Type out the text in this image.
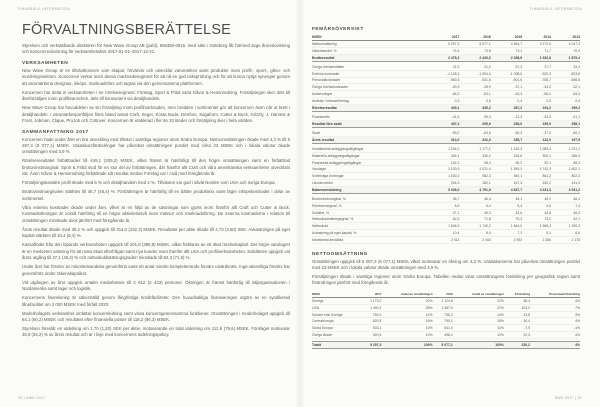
FINANSIELL INFORMATION	FINANSIELL INFORMATION
FÖRVALTNINGSBERÄTTELSE

Styrelsen och verkställande direktören för New Wave Group AB (publ), 556350-0916, med säte i Göteborg får härmed avge årsredovisning och koncernredovisning för verksamhetsåret 2017-01-01–2017-12-31.

VERKSAMHETEN

New Wave Group är en tillväxtkoncern som skapar, förvärvar och utvecklar varumärken samt produkter inom profil-, sport-, gåvo- och inredningssektorn. Koncernen verkar inom dessa marknadssegment för att nå en god riskspridning och för att kunna nyttja synergier genom att varumärkena designas, inköps, marknadsförs och lagras via den gemensamma plattformen.

Koncernen har delat in verksamheten i tre rörelsesegment: Företag, Sport & Fritid samt Gåvor & Heminredning. Försäljningen sker dels till återförsäljare inom profilbranschen, dels till konsument via detaljhandeln.

New Wave Group har huvuddelen av sin försäljning inom profilmarknaden, men bredden i sortimentet gör att koncernen även når ut brett i detaljhandeln. I varumärkesportföljen finns bland annat Craft, Seger, Kosta Boda, Orrefors, Sagaform, Cutter & Buck, Grizzly, J. Harvest & Frost, Jobman, Clique, ProJob och Cottover. Koncernen är etablerad i fler än 20 länder och försäljning sker i hela världen.

SAMMANFATTNING 2017

Koncernen hade under året en bra utveckling med tillväxt i samtliga regioner utom Södra Europa. Nettoomsättningen ökade med 4,3 % till 5 297,3 (5 077,1) MSEK. Valutakursförändringar har påverkat omsättningen positivt med cirka 23 MSEK och i lokala valutor ökade omsättningen med 3,9 %.

Rörelseresultatet förbättrades till 449,1 (335,2) MSEK, vilket främst är hänförligt till den högre omsättningen samt en förbättrad bruttovinstmarginal. Sport & Fritid stod för en stor del av förbättringen, där framför allt Craft och våra amerikanska verksamheter utvecklats väl. Även Gåvor & Heminredning förbättrade sitt resultat medan Företag var i nivå med föregående år.

Försäljningskanalen profil ökade med 6 % och detaljhandeln med 2 %. Tillväxten var god i såväl Norden som USA och övriga Europa.

Bruttovinstmarginalen stärktes till 46,7 (46,4) %. Förbättringen är hänförlig till en bättre produktmix samt lägre inköpskostnader i delar av sortimentet.

Våra externa kostnader ökade under året, vilket är en följd av de satsningar som gjorts inom framför allt Craft och Cutter & Buck. Kostnadsökningen är också hänförlig till en högre aktivitetsnivå inom mässor och marknadsföring. De externa kostnaderna i relation till omsättningen minskade dock jämfört med föregående år.

Årets resultat ökade med 35,2 % och uppgick till 314,0 (232,3) MSEK. Resultatet per aktie ökade till 4,73 (3,50) SEK. Avkastningen på eget kapital stärktes till 10,4 (8,4) %.

Kassaflödet från den löpande verksamheten uppgick till 201,8 (385,8) MSEK, vilket förklaras av ett ökat rörelsekapital. Det högre varulagret är en medveten satsning för att möta ökad efterfrågan samt nya kunder inom framför allt USA och profilverksamheten. Soliditeten uppgick vid årets utgång till 47,1 (45,3) % och nettoskuldsättningsgraden minskade till 62,3 (71,8) %.

Under året har förvärv av minoritetsandelar genomförts samt ett antal mindre kompletterande förvärv utvärderats. Inga väsentliga förvärv har genomförts under räkenskapsåret.

Vid utgången av året uppgick antalet medarbetare till 2 512 (2 443) personer. Ökningen är främst hänförlig till säljorganisationen i Nordamerika samt lager och logistik.

Koncernens finansiering är säkerställd genom långfristiga kreditfaciliteter. Den huvudsakliga finansieringen utgörs av en syndikerad lånefacilitet om 2 000 MSEK med förfall 2020.

Moderbolagets verksamhet omfattar koncernledning samt vissa koncerngemensamma funktioner. Omsättningen i moderbolaget uppgick till 64,1 (60,2) MSEK och resultatet efter finansiella poster till 118,2 (96,3) MSEK.

Styrelsen föreslår en utdelning om 1,70 (1,20) SEK per aktie, motsvarande en total utdelning om 112,8 (79,6) MSEK. Förslaget motsvarar 35,9 (34,2) % av årets resultat och är i linje med koncernens utdelningspolicy.

FEMÅRSÖVERSIKT
MSEK	2017	2016	2015	2014	2013
Nettoomsättning	5 297,3	5 077,1	4 964,7	4 272,6	4 047,4
Utlandsandel, %	74,4	73,8	73,1	71,7	70,9
Bruttoresultat	2 475,3	2 430,2	2 238,6	1 932,6	1 879,4

Övriga rörelseintäkter	21,2	21,0	67,3	27,7	33,3
Externa kostnader	-1 128,3	-1 094,0	-1 038,0	-920,3	-823,8
Personalkostnader	-960,3	-931,6	-901,6	-755,7	-698,8
Övriga rörelsekostnader	-30,3	-28,9	-37,1	-34,2	-32,1
Avskrivningar	-64,3	-63,1	-63,3	-56,2	-54,3
Andelar i intresseföretag	0,3	0,6	0,4	0,3	0,4
Rörelseresultat	449,1	335,2	267,2	194,2	299,2

Finansnetto	-41,9	-39,3	-31,3	-34,3	-41,1
Resultat före skatt	407,2	295,9	236,0	159,9	258,1

Skatt	-93,2	-63,6	-50,3	-37,0	-60,2
Årets resultat	314,0	232,3	185,7	122,9	197,9

Immateriella anläggningstillgångar	1 204,2	1 177,1	1 162,3	1 083,4	1 021,2
Materiella anläggningstillgångar	354,1	330,2	318,6	300,1	286,3
Finansiella anläggningstillgångar	102,3	98,4	96,2	92,1	88,3
Varulager	2 130,9	2 021,4	1 953,2	1 742,3	1 602,1
Kortfristiga fordringar	1 030,2	982,3	940,1	861,2	802,3
Likvida medel	204,3	182,1	167,3	152,2	141,0
Balansomslutning	5 026,0	4 791,5	4 637,7	4 231,3	3 941,2

Bruttovinstmarginal, %	46,7	46,4	45,1	45,2	46,4
Rörelsemarginal, %	8,5	6,4	5,4	4,5	7,4
Soliditet, %	47,1	45,3	43,6	44,8	46,3
Nettoskuldsättningsgrad, %	62,3	71,8	79,3	73,2	62,1
Nettoskuld	1 646,3	1 740,2	1 844,0	1 565,3	1 290,3
Avkastning på eget kapital, %	10,4	8,4	7,2	5,1	8,6
Medelantal anställda	2 512	2 443	2 392	2 266	2 178
NETTOOMSÄTTNING

Omsättningen uppgick till 5 297,3 (5 077,1) MSEK vilket motsvarar en ökning om 4,3 %. Valutakurserna har påverkat omsättningen positivt med 23 MSEK och i lokala valutor ökade omsättningen med 3,9 %.

Försäljningen ökade i samtliga regioner utom Södra Europa. Tabellen nedan visar omsättningens fördelning per geografisk region samt förändringen jämfört med föregående år.

MSEK	2017	Andel av omsättningen	2016	Andel av omsättningen	Förändring	Procentuell förändring
Sverige	1 173,0	22%	1 124,6	22%	48,4	4%
USA	1 490,2	28%	1 387,0	27%	103,2	7%
Norden exkl Sverige	760,0	14%	736,2	14%	23,8	3%
Centraleuropa	820,5	16%	790,1	15%	30,4	4%
Södra Europa	533,1	10%	541,0	11%	-7,9	-1%
Övriga länder	520,5	10%	498,2	11%	22,3	4%

Totalt	5 297,3	100%	5 077,1	100%	220,2	4%
30 | NWG 2017	NWG 2017 | 31
